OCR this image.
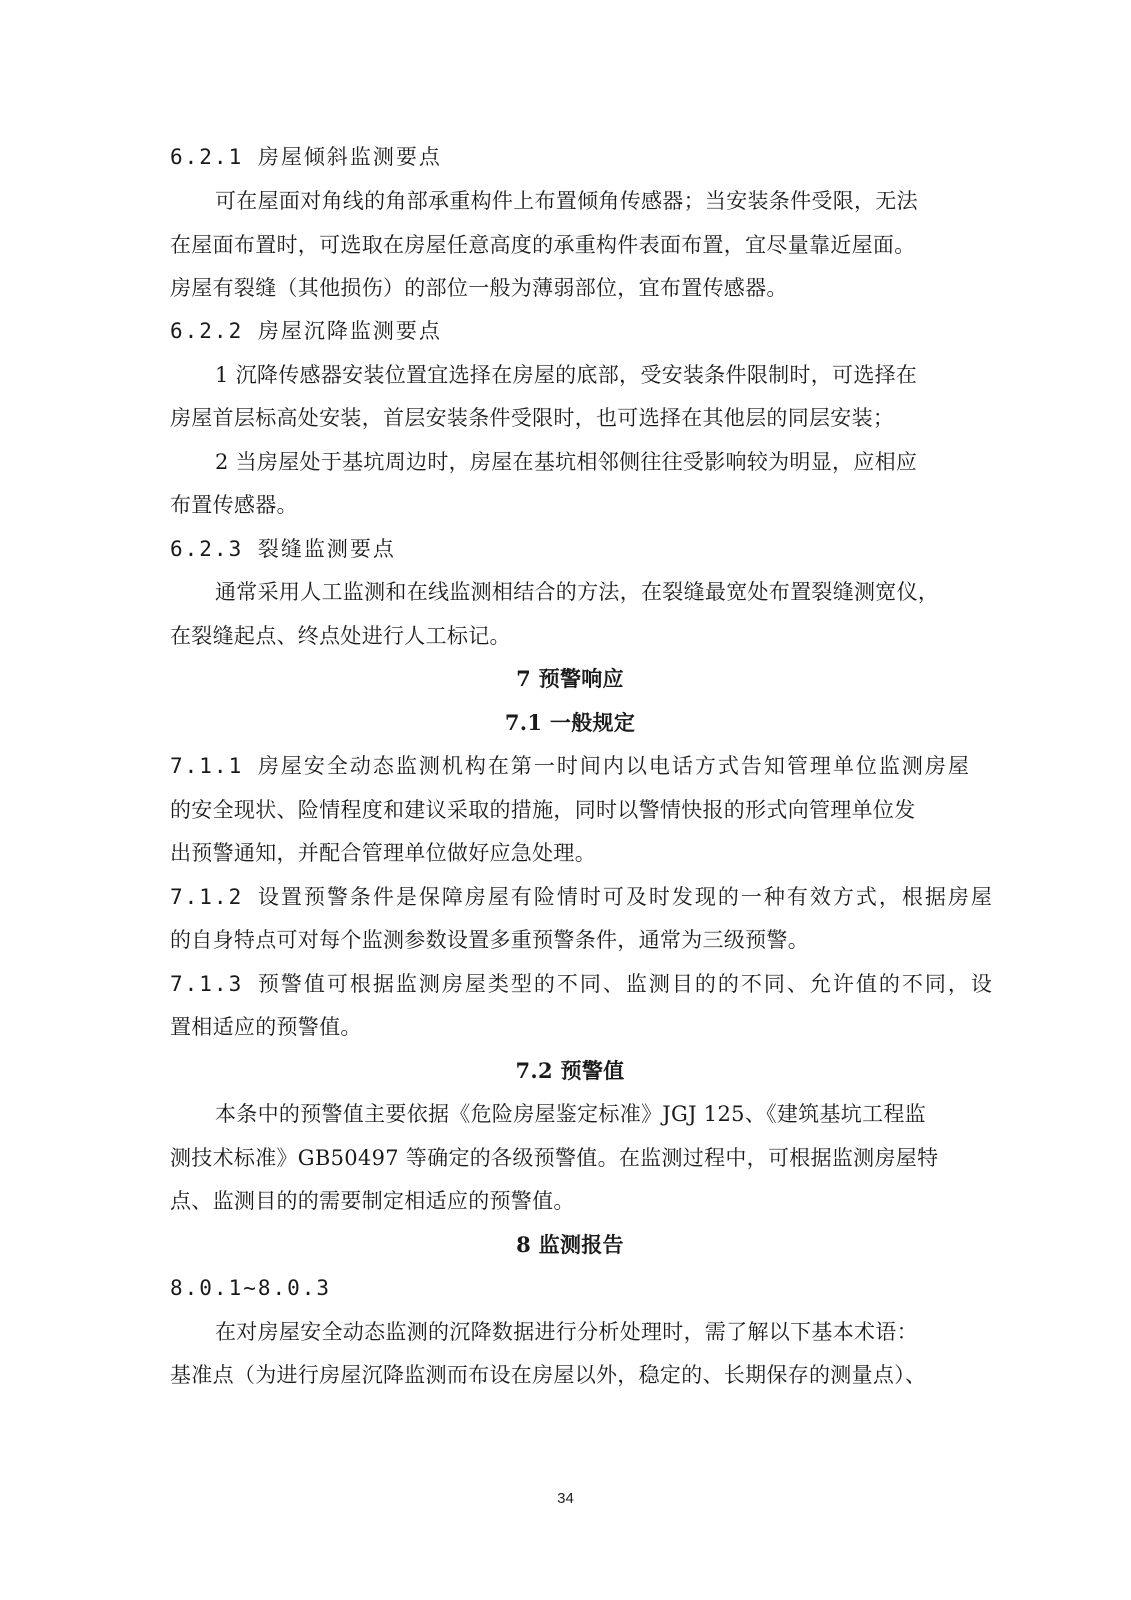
6.2.1 房屋倾斜监测要点
可在屋面对角线的角部承重构件上布置倾角传感器；当安装条件受限，无法
在屋面布置时，可选取在房屋任意高度的承重构件表面布置，宜尽量靠近屋面。
房屋有裂缝（其他损伤）的部位一般为薄弱部位，宜布置传感器。
6.2.2 房屋沉降监测要点
1 沉降传感器安装位置宜选择在房屋的底部，受安装条件限制时，可选择在
房屋首层标高处安装，首层安装条件受限时，也可选择在其他层的同层安装；
2 当房屋处于基坑周边时，房屋在基坑相邻侧往往受影响较为明显，应相应
布置传感器。
6.2.3 裂缝监测要点
通常采用人工监测和在线监测相结合的方法，在裂缝最宽处布置裂缝测宽仪，
在裂缝起点、终点处进行人工标记。
7 预警响应
7.1 一般规定
7.1.1 房屋安全动态监测机构在第一时间内以电话方式告知管理单位监测房屋
的安全现状、险情程度和建议采取的措施，同时以警情快报的形式向管理单位发
出预警通知，并配合管理单位做好应急处理。
7.1.2 设置预警条件是保障房屋有险情时可及时发现的一种有效方式，根据房屋
的自身特点可对每个监测参数设置多重预警条件，通常为三级预警。
7.1.3 预警值可根据监测房屋类型的不同、监测目的的不同、允许值的不同，设
置相适应的预警值。
7.2 预警值
本条中的预警值主要依据《危险房屋鉴定标准》JGJ 125、《建筑基坑工程监
测技术标准》GB50497 等确定的各级预警值。在监测过程中，可根据监测房屋特
点、监测目的的需要制定相适应的预警值。
8 监测报告
8.0.1~8.0.3
在对房屋安全动态监测的沉降数据进行分析处理时，需了解以下基本术语：
基准点（为进行房屋沉降监测而布设在房屋以外，稳定的、长期保存的测量点）、
34
